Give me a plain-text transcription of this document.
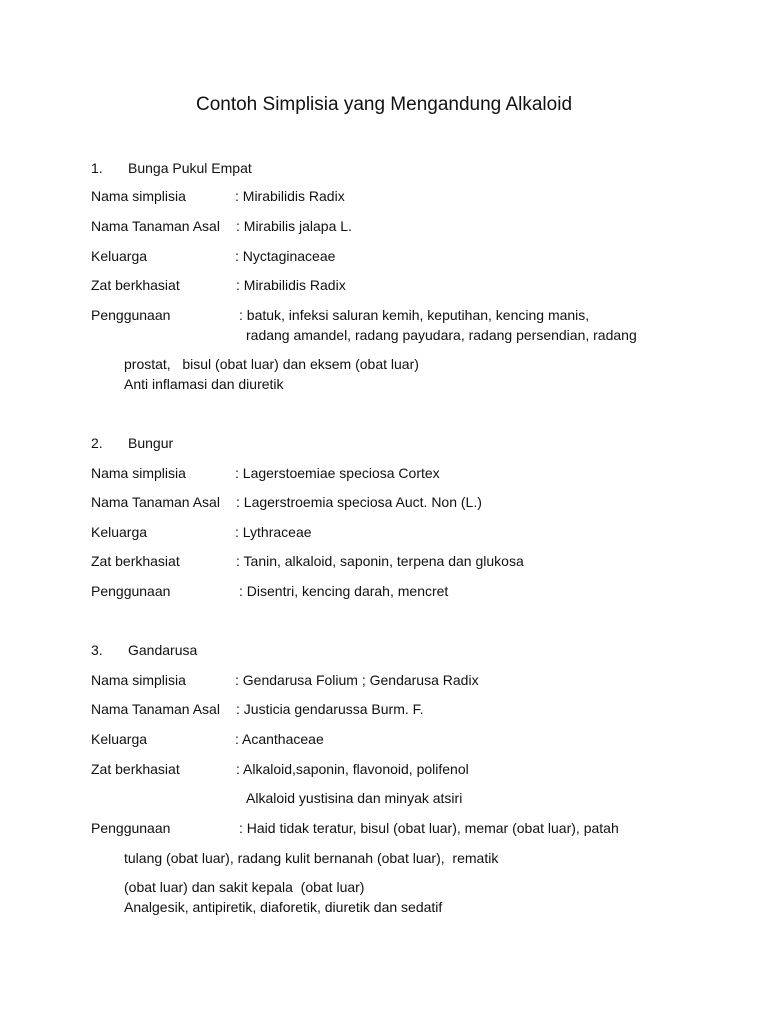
Contoh Simplisia yang Mengandung Alkaloid
1. Bunga Pukul Empat
Nama simplisia	: Mirabilidis Radix
Nama Tanaman Asal : Mirabilis jalapa L.
Keluarga	: Nyctaginaceae
Zat berkhasiat	: Mirabilidis Radix
Penggunaan	: batuk, infeksi saluran kemih, keputihan, kencing manis,
radang amandel, radang payudara, radang persendian, radang
prostat,   bisul (obat luar) dan eksem (obat luar)
Anti inflamasi dan diuretik
2. Bungur
Nama simplisia	: Lagerstoemiae speciosa Cortex
Nama Tanaman Asal : Lagerstroemia speciosa Auct. Non (L.)
Keluarga	: Lythraceae
Zat berkhasiat	: Tanin, alkaloid, saponin, terpena dan glukosa
Penggunaan	: Disentri, kencing darah, mencret
3. Gandarusa
Nama simplisia	: Gendarusa Folium ; Gendarusa Radix
Nama Tanaman Asal : Justicia gendarussa Burm. F.
Keluarga	: Acanthaceae
Zat berkhasiat	: Alkaloid,saponin, flavonoid, polifenol
Alkaloid yustisina dan minyak atsiri
Penggunaan	: Haid tidak teratur, bisul (obat luar), memar (obat luar), patah
tulang (obat luar), radang kulit bernanah (obat luar),  rematik
(obat luar) dan sakit kepala  (obat luar)
Analgesik, antipiretik, diaforetik, diuretik dan sedatif
